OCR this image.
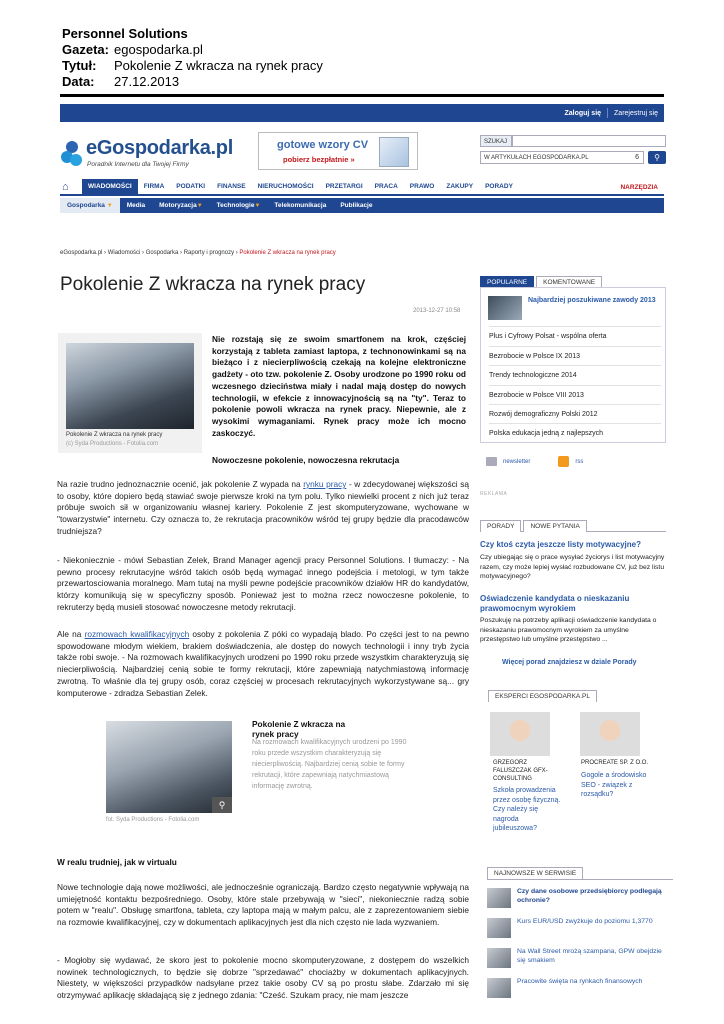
Personnel Solutions
Gazeta: egospodarka.pl
Tytuł:	Pokolenie Z wkracza na rynek pracy
Data:	27.12.2013
Zaloguj się	Zarejestruj się
eGospodarka.pl
Poradnik Internetu dla Twojej Firmy
gotowe wzory CV
pobierz bezpłatnie »
SZUKAJ
W ARTYKUŁACH EGOSPODARKA.PL	6	⚲
⌂	WIADOMOŚCI	FIRMA	PODATKI	FINANSE	NIERUCHOMOŚCI	PRZETARGI	PRACA	PRAWO	ZAKUPY	PORADY	NARZĘDZIA
Gospodarka ▼	Media	Motoryzacja▼	Technologie▼	Telekomunikacja	Publikacje
eGospodarka.pl › Wiadomości › Gospodarka › Raporty i prognozy › Pokolenie Z wkracza na rynek pracy
Pokolenie Z wkracza na rynek pracy
2013-12-27 10:58
Pokolenie Z wkracza na rynek pracy
(c) Syda Productions - Fotolia.com
Nie rozstają się ze swoim smartfonem na krok, częściej korzystają z tableta zamiast laptopa, z technonowinkami są na bieżąco i z niecierpliwością czekają na kolejne elektroniczne gadżety - oto tzw. pokolenie Z. Osoby urodzone po 1990 roku od wczesnego dzieciństwa miały i nadal mają dostęp do nowych technologii, w efekcie z innowacyjnością są na "ty". Teraz to pokolenie powoli wkracza na rynek pracy. Niepewnie, ale z wysokimi wymaganiami. Rynek pracy może ich mocno zaskoczyć.
Nowoczesne pokolenie, nowoczesna rekrutacja
Na razie trudno jednoznacznie ocenić, jak pokolenie Z wypada na rynku pracy - w zdecydowanej większości są to osoby, które dopiero będą stawiać swoje pierwsze kroki na tym polu. Tylko niewielki procent z nich już teraz próbuje swoich sił w organizowaniu własnej kariery. Pokolenie Z jest skomputeryzowane, wychowane w "towarzystwie" internetu. Czy oznacza to, że rekrutacja pracowników wśród tej grupy będzie dla pracodawców trudniejsza?
- Niekoniecznie - mówi Sebastian Zelek, Brand Manager agencji pracy Personnel Solutions. I tłumaczy: - Na pewno procesy rekrutacyjne wśród takich osób będą wymagać innego podejścia i metologi, w tym także przewartosciowania moralnego. Mam tutaj na myśli pewne podejście pracowników działów HR do kandydatów, którzy komunikują się w specyficzny sposób. Ponieważ jest to można rzecz nowoczesne pokolenie, to rekruterzy będą musieli stosować nowoczesne metody rekrutacji.
Ale na rozmowach kwalifikacyjnych osoby z pokolenia Z póki co wypadają blado. Po części jest to na pewno spowodowane młodym wiekiem, brakiem doświadczenia, ale dostęp do nowych technologii i inny tryb życia także robi swoje. - Na rozmowach kwalifikacyjnych urodzeni po 1990 roku przede wszystkim charakteryzują się niecierpliwością. Najbardziej cenią sobie te formy rekrutacji, które zapewniają natychmiastową informację zwrotną. To właśnie dla tej grupy osób, coraz częściej w procesach rekrutacyjnych wykorzystywane są... gry komputerowe - zdradza Sebastian Zelek.
⚲
Pokolenie Z wkracza na rynek pracy
Na rozmowach kwalifikacyjnych urodzeni po 1990 roku przede wszystkim charakteryzują się niecierpliwością. Najbardziej cenią sobie te formy rekrutacji, które zapewniają natychmiastową informację zwrotną.
fot. Syda Productions - Fotolia.com
W realu trudniej, jak w virtualu
Nowe technologie dają nowe możliwości, ale jednocześnie ograniczają. Bardzo często negatywnie wpływają na umiejętność kontaktu bezpośredniego. Osoby, które stale przebywają w "sieci", niekoniecznie radzą sobie potem w "realu". Obsługę smartfona, tableta, czy laptopa mają w małym palcu, ale z zaprezentowaniem siebie na rozmowie kwalifikacyjnej, czy w dokumentach aplikacyjnych jest dla nich często nie lada wyzwaniem.
- Mogłoby się wydawać, że skoro jest to pokolenie mocno skomputeryzowane, z dostępem do wszelkich nowinek technologicznych, to będzie się dobrze "sprzedawać" chociażby w dokumentach aplikacyjnych. Niestety, w większości przypadków nadsyłane przez takie osoby CV są po prostu słabe. Zdarzało mi się otrzymywać aplikację składającą się z jednego zdania: "Cześć. Szukam pracy, nie mam jeszcze
POPULARNE	KOMENTOWANE
Najbardziej poszukiwane zawody 2013
Plus i Cyfrowy Polsat - wspólna oferta
Bezrobocie w Polsce IX 2013
Trendy technologiczne 2014
Bezrobocie w Polsce VIII 2013
Rozwój demograficzny Polski 2012
Polska edukacja jedną z najlepszych
newsletter	rss
REKLAMA
PORADY	NOWE PYTANIA
Czy ktoś czyta jeszcze listy motywacyjne?
Czy ubiegając się o prace wysyłać życiorys i list motywacyjny razem, czy może lepiej wysłać rozbudowane CV, już bez listu motywacyjnego?
Oświadczenie kandydata o nieskazaniu prawomocnym wyrokiem
Poszukuję na potrzeby aplikacji oświadczenie kandydata o nieskazaniu prawomocnym wyrokiem za umyślne przestępstwo lub umyślne przestępstwo ...
Więcej porad znajdziesz w dziale Porady
EKSPERCI EGOSPODARKA.PL
GRZEGORZ FALUSZCZAK GFX-CONSULTING
Szkoła prowadzenia przez osobę fizyczną. Czy należy się nagroda jubileuszowa?
PROCREATE SP. Z O.O.
Gogole a środowisko SEO - związek z rozsądku?
NAJNOWSZE W SERWISIE
Czy dane osobowe przedsiębiorcy podlegają ochronie?
Kurs EUR/USD zwyżkuje do poziomu 1,3770
Na Wall Street mrożą szampana, GPW obejdzie się smakiem
Pracowite święta na rynkach finansowych
